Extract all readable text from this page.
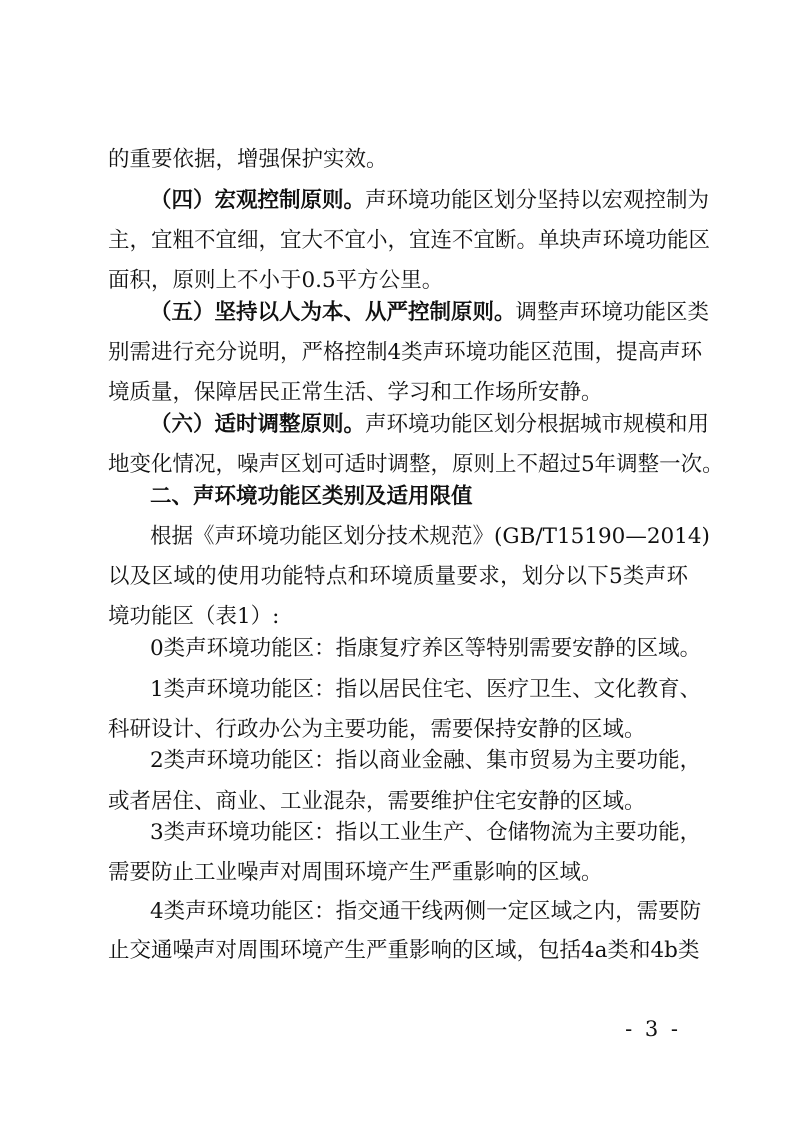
的重要依据，增强保护实效。
（四）宏观控制原则。声环境功能区划分坚持以宏观控制为
主，宜粗不宜细，宜大不宜小，宜连不宜断。单块声环境功能区
面积，原则上不小于0.5平方公里。
（五）坚持以人为本、从严控制原则。调整声环境功能区类
别需进行充分说明，严格控制4类声环境功能区范围，提高声环
境质量，保障居民正常生活、学习和工作场所安静。
（六）适时调整原则。声环境功能区划分根据城市规模和用
地变化情况，噪声区划可适时调整，原则上不超过5年调整一次。
二、声环境功能区类别及适用限值
根据《声环境功能区划分技术规范》(GB/T15190—2014)
以及区域的使用功能特点和环境质量要求，划分以下5类声环
境功能区（表1）:
0类声环境功能区：指康复疗养区等特别需要安静的区域。
1类声环境功能区：指以居民住宅、医疗卫生、文化教育、
科研设计、行政办公为主要功能，需要保持安静的区域。
2类声环境功能区：指以商业金融、集市贸易为主要功能，
或者居住、商业、工业混杂，需要维护住宅安静的区域。
3类声环境功能区：指以工业生产、仓储物流为主要功能，
需要防止工业噪声对周围环境产生严重影响的区域。
4类声环境功能区：指交通干线两侧一定区域之内，需要防
止交通噪声对周围环境产生严重影响的区域，包括4a类和4b类
- 3 -
